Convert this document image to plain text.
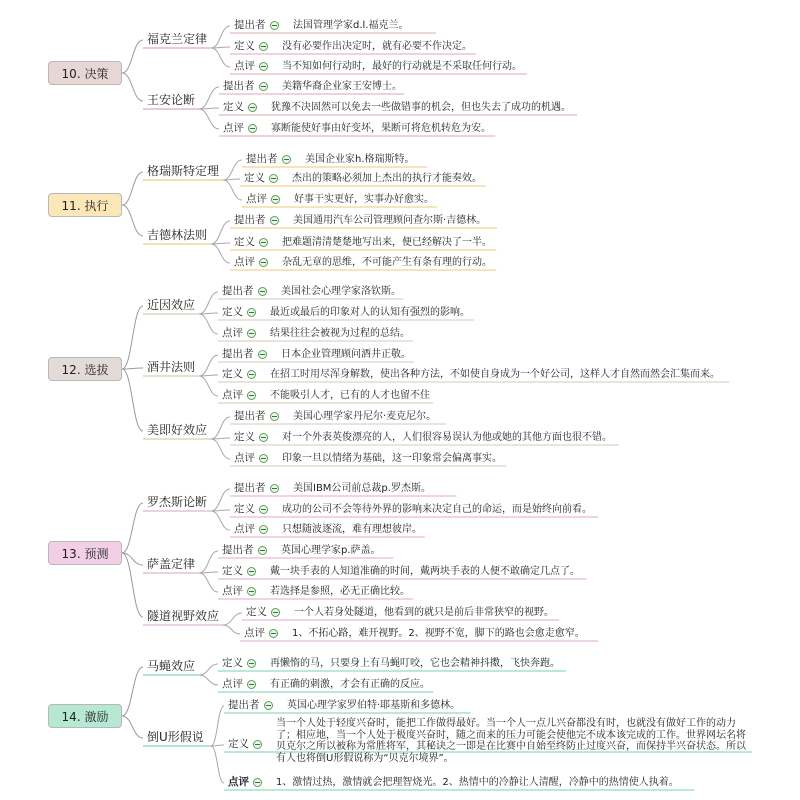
10. 决策
福克兰定律
提出者	法国管理学家d.l.福克兰。
定义	没有必要作出决定时，就有必要不作决定。
点评	当不知如何行动时，最好的行动就是不采取任何行动。
王安论断
提出者	美籍华裔企业家王安博士。
定义	犹豫不决固然可以免去一些做错事的机会，但也失去了成功的机遇。
点评	寡断能使好事由好变坏，果断可将危机转危为安。
11. 执行
格瑞斯特定理
提出者	美国企业家h.格瑞斯特。
定义	杰出的策略必须加上杰出的执行才能奏效。
点评	好事干实更好，实事办好愈实。
吉德林法则
提出者	美国通用汽车公司管理顾问查尔斯·吉德林。
定义	把难题清清楚楚地写出来，便已经解决了一半。
点评	杂乱无章的思维，不可能产生有条有理的行动。
12. 选拔
近因效应
提出者	美国社会心理学家洛钦斯。
定义	最近或最后的印象对人的认知有强烈的影响。
点评	结果往往会被视为过程的总结。
酒井法则
提出者	日本企业管理顾问酒井正敬。
定义	在招工时用尽浑身解数，使出各种方法，不如使自身成为一个好公司，这样人才自然而然会汇集而来。
点评	不能吸引人才，已有的人才也留不住
美即好效应
提出者	美国心理学家丹尼尔·麦克尼尔。
定义	对一个外表英俊漂亮的人，人们很容易误认为他或她的其他方面也很不错。
点评	印象一旦以情绪为基础，这一印象常会偏离事实。
13. 预测
罗杰斯论断
提出者	美国IBM公司前总裁p.罗杰斯。
定义	成功的公司不会等待外界的影响来决定自己的命运，而是始终向前看。
点评	只想随波逐流，难有理想彼岸。
萨盖定律
提出者	英国心理学家p.萨盖。
定义	戴一块手表的人知道准确的时间，戴两块手表的人便不敢确定几点了。
点评	若选择是参照，必无正确比较。
隧道视野效应	定义	一个人若身处隧道，他看到的就只是前后非常狭窄的视野。
点评	1、不拓心路，难开视野。2、视野不宽，脚下的路也会愈走愈窄。
14. 激励
马蝇效应	定义	再懒惰的马，只要身上有马蝇叮咬，它也会精神抖擞，飞快奔跑。
点评	有正确的刺激，才会有正确的反应。
倒U形假说
提出者	英国心理学家罗伯特·耶基斯和多德林。
定义
当一个人处于轻度兴奋时，能把工作做得最好。当一个人一点儿兴奋都没有时，也就没有做好工作的动力了；相应地，当一个人处于极度兴奋时，随之而来的压力可能会使他完不成本该完成的工作。世界网坛名将贝克尔之所以被称为常胜将军，其秘诀之一即是在比赛中自始至终防止过度兴奋，而保持半兴奋状态。所以有人也将倒U形假说称为“贝克尔境界”。
点评	1、激情过热，激情就会把理智烧光。2、热情中的冷静让人清醒，冷静中的热情使人执着。
